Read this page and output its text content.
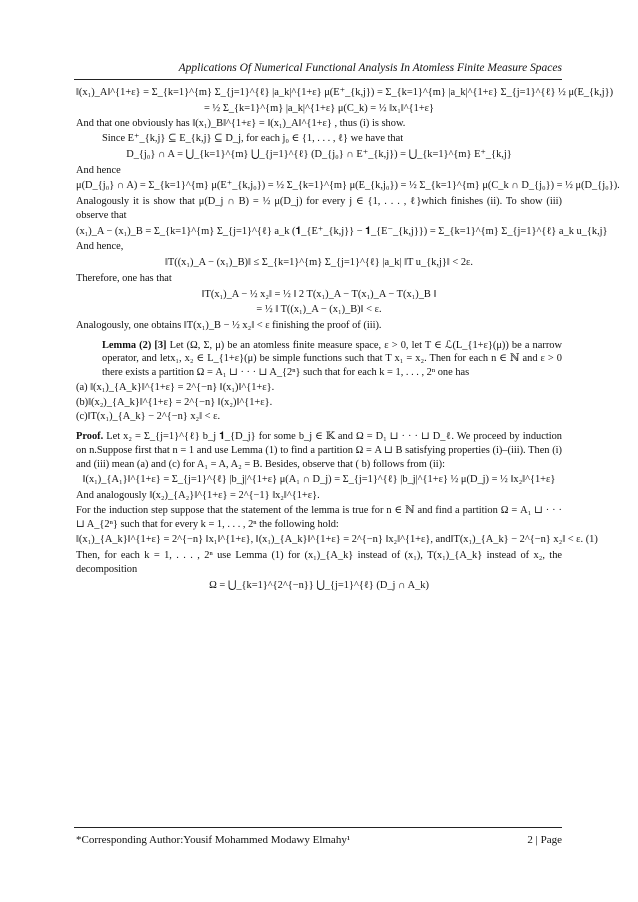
Applications Of Numerical Functional Analysis In Atomless Finite Measure Spaces
‖(x₁)_A‖^{1+ε} = Σ_{k=1}^{m} Σ_{j=1}^{ℓ} |a_k|^{1+ε} μ(E⁺_{k,j}) = Σ_{k=1}^{m} |a_k|^{1+ε} Σ_{j=1}^{ℓ} ½ μ(E_{k,j})
= ½ Σ_{k=1}^{m} |a_k|^{1+ε} μ(C_k) = ½ ‖x₁‖^{1+ε}
And that one obviously has ‖(x₁)_B‖^{1+ε} = ‖(x₁)_A‖^{1+ε} , thus (i) is show.
Since E⁺_{k,j} ⊆ E_{k,j} ⊆ D_j, for each j₀ ∈ {1, . . . , ℓ} we have that
D_{j₀} ∩ A = ⋃_{k=1}^{m} ⋃_{j=1}^{ℓ} (D_{j₀} ∩ E⁺_{k,j}) = ⋃_{k=1}^{m} E⁺_{k,j}
And hence
μ(D_{j₀} ∩ A) = Σ_{k=1}^{m} μ(E⁺_{k,j₀}) = ½ Σ_{k=1}^{m} μ(E_{k,j₀}) = ½ Σ_{k=1}^{m} μ(C_k ∩ D_{j₀}) = ½ μ(D_{j₀}).
Analogously it is show that μ(D_j ∩ B) = ½ μ(D_j) for every j ∈ {1, . . . , ℓ}which finishes (ii). To show (iii) observe that
(x₁)_A − (x₁)_B = Σ_{k=1}^{m} Σ_{j=1}^{ℓ} a_k (𝟏_{E⁺_{k,j}} − 𝟏_{E⁻_{k,j}}) = Σ_{k=1}^{m} Σ_{j=1}^{ℓ} a_k u_{k,j}
And hence,
‖T((x₁)_A − (x₁)_B)‖ ≤ Σ_{k=1}^{m} Σ_{j=1}^{ℓ} |a_k| ‖T u_{k,j}‖ < 2ε.
Therefore, one has that
‖T(x₁)_A − ½ x₂‖ = ½ ‖ 2 T(x₁)_A − T(x₁)_A − T(x₁)_B ‖
= ½ ‖ T((x₁)_A − (x₁)_B)‖ < ε.
Analogously, one obtains ‖T(x₁)_B − ½ x₂‖ < ε finishing the proof of (iii).
Lemma (2) [3] Let (Ω, Σ, μ) be an atomless finite measure space, ε > 0, let T ∈ ℒ(L_{1+ε}(μ)) be a narrow operator, and letx₁, x₂ ∈ L_{1+ε}(μ) be simple functions such that T x₁ = x₂. Then for each n ∈ ℕ and ε > 0 there exists a partition Ω = A₁ ⊔ · · · ⊔ A_{2ⁿ} such that for each k = 1, . . . , 2ⁿ one has
(a) ‖(x₁)_{A_k}‖^{1+ε} = 2^{−n} ‖(x₁)‖^{1+ε}.
(b)‖(x₂)_{A_k}‖^{1+ε} = 2^{−n} ‖(x₂)‖^{1+ε}.
(c)‖T(x₁)_{A_k} − 2^{−n} x₂‖ < ε.
Proof. Let x₂ = Σ_{j=1}^{ℓ} b_j 𝟏_{D_j} for some b_j ∈ 𝕂 and Ω = D₁ ⊔ · · · ⊔ D_ℓ. We proceed by induction on n.Suppose first that n = 1 and use Lemma (1) to find a partition Ω = A ⊔ B satisfying properties (i)–(iii). Then (i) and (iii) mean (a) and (c) for A₁ = A, A₂ = B. Besides, observe that ( b) follows from (ii):
‖(x₁)_{A₁}‖^{1+ε} = Σ_{j=1}^{ℓ} |b_j|^{1+ε} μ(A₁ ∩ D_j) = Σ_{j=1}^{ℓ} |b_j|^{1+ε} ½ μ(D_j) = ½ ‖x₂‖^{1+ε}
And analogously ‖(x₂)_{A₂}‖^{1+ε} = 2^{−1} ‖x₂‖^{1+ε}.
For the induction step suppose that the statement of the lemma is true for n ∈ ℕ and find a partition Ω = A₁ ⊔ · · · ⊔ A_{2ⁿ} such that for every k = 1, . . . , 2ⁿ the following hold:
‖(x₁)_{A_k}‖^{1+ε} = 2^{−n} ‖x₁‖^{1+ε}, ‖(x₁)_{A_k}‖^{1+ε} = 2^{−n} ‖x₂‖^{1+ε}, and‖T(x₁)_{A_k} − 2^{−n} x₂‖ < ε. (1)
Then, for each k = 1, . . . , 2ⁿ use Lemma (1) for (x₁)_{A_k} instead of (x₁), T(x₁)_{A_k} instead of x₂, the decomposition
Ω = ⋃_{k=1}^{2^{−n}} ⋃_{j=1}^{ℓ} (D_j ∩ A_k)
*Corresponding Author:Yousif Mohammed Modawy Elmahy¹	2 | Page
